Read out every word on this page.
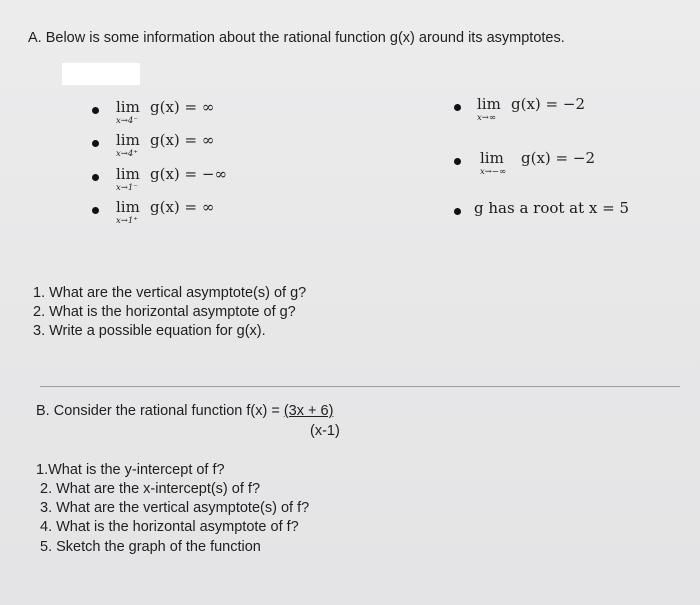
A. Below is some information about the rational function g(x) around its asymptotes.
lim
x→4⁻
g(x) = ∞
lim
x→4⁺
g(x) = ∞
lim
x→1⁻
g(x) = −∞
lim
x→1⁺
g(x) = ∞
lim
x→∞
g(x) = −2
lim
x→−∞
g(x) = −2
g has a root at x = 5
1. What are the vertical asymptote(s) of g?
2. What is the horizontal asymptote of g?
3. Write a possible equation for g(x).
B. Consider the rational function f(x) = (3x + 6)
(x-1)
1.What is the y-intercept of f?
2. What are the x-intercept(s) of f?
3. What are the vertical asymptote(s) of f?
4. What is the horizontal asymptote of f?
5. Sketch the graph of the function
